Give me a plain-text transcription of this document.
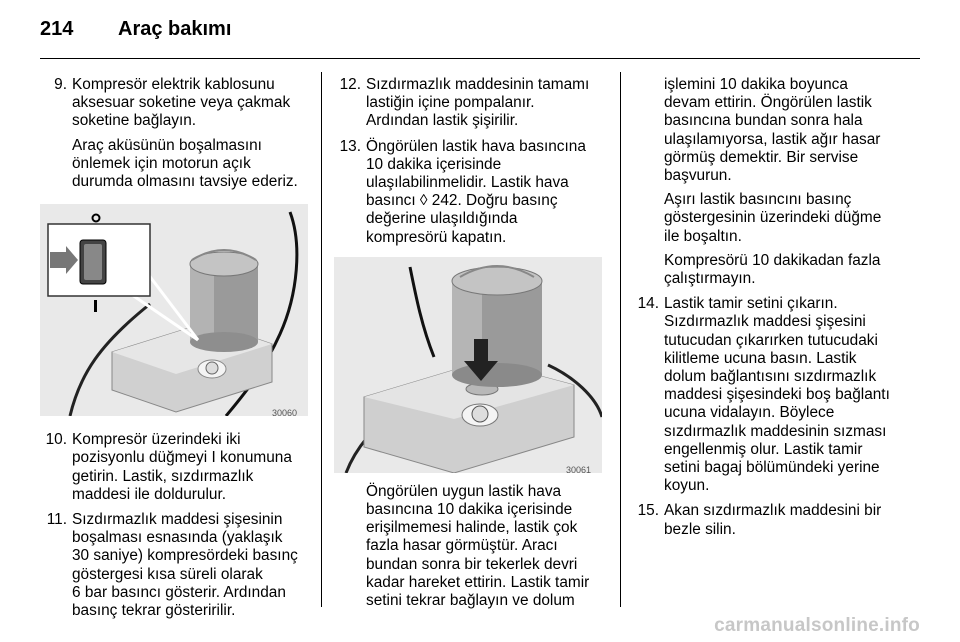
214 Araç bakımı
9. Kompresör elektrik kablosunu
aksesuar soketine veya çakmak
soketine bağlayın.
Araç aküsünün boşalmasını
önlemek için motorun açık
durumda olmasını tavsiye ederiz.
30060
10. Kompresör üzerindeki iki
pozisyonlu düğmeyi I konumuna
getirin. Lastik, sızdırmazlık
maddesi ile doldurulur.
11. Sızdırmazlık maddesi şişesinin
boşalması esnasında (yaklaşık
30 saniye) kompresördeki basınç
göstergesi kısa süreli olarak
6 bar basıncı gösterir. Ardından
basınç tekrar gösteririlir.
12. Sızdırmazlık maddesinin tamamı
lastiğin içine pompalanır.
Ardından lastik şişirilir.
13. Öngörülen lastik hava basıncına
10 dakika içerisinde
ulaşılabilinmelidir. Lastik hava
basıncı ◊ 242. Doğru basınç
değerine ulaşıldığında
kompresörü kapatın.
30061
Öngörülen uygun lastik hava
basıncına 10 dakika içerisinde
erişilmemesi halinde, lastik çok
fazla hasar görmüştür. Aracı
bundan sonra bir tekerlek devri
kadar hareket ettirin. Lastik tamir
setini tekrar bağlayın ve dolum
işlemini 10 dakika boyunca
devam ettirin. Öngörülen lastik
basıncına bundan sonra hala
ulaşılamıyorsa, lastik ağır hasar
görmüş demektir. Bir servise
başvurun.
Aşırı lastik basıncını basınç
göstergesinin üzerindeki düğme
ile boşaltın.
Kompresörü 10 dakikadan fazla
çalıştırmayın.
14. Lastik tamir setini çıkarın.
Sızdırmazlık maddesi şişesini
tutucudan çıkarırken tutucudaki
kilitleme ucuna basın. Lastik
dolum bağlantısını sızdırmazlık
maddesi şişesindeki boş bağlantı
ucuna vidalayın. Böylece
sızdırmazlık maddesinin sızması
engellenmiş olur. Lastik tamir
setini bagaj bölümündeki yerine
koyun.
15. Akan sızdırmazlık maddesini bir
bezle silin.
carmanualsonline.info
